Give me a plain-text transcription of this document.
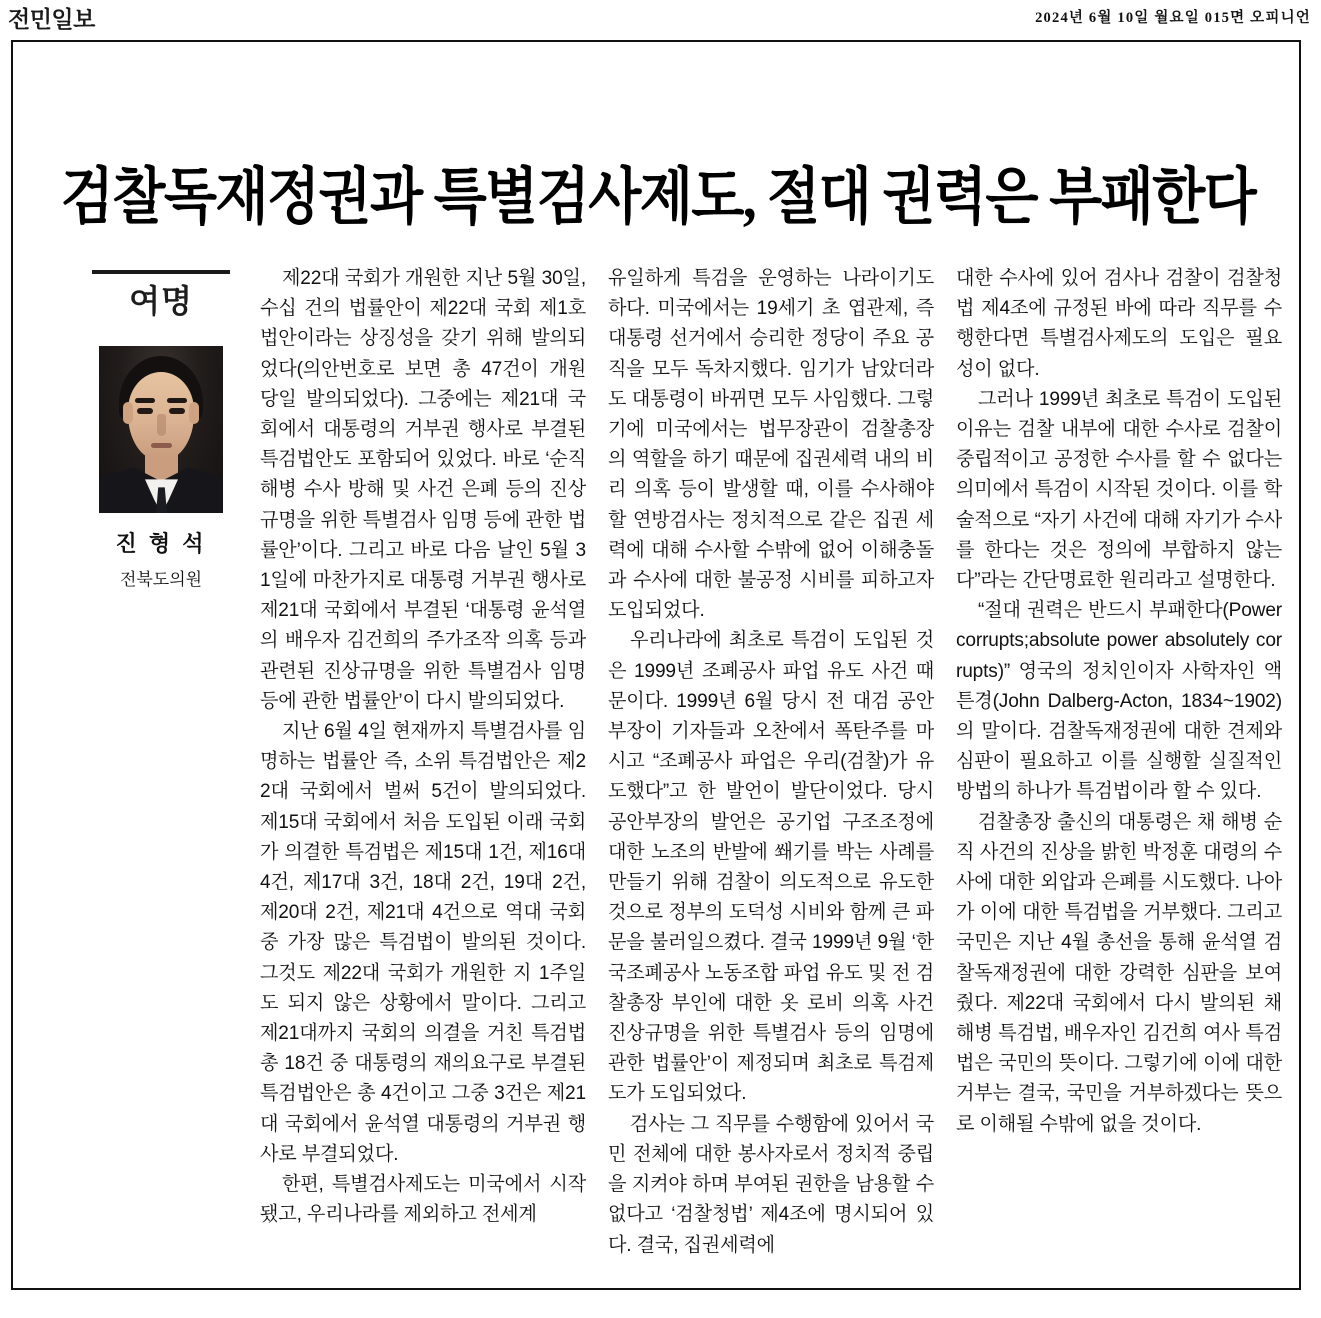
전민일보	2024년 6월 10일 월요일 015면 오피니언
검찰독재정권과 특별검사제도, 절대 권력은 부패한다
여명
진 형 석
전북도의원

제22대 국회가 개원한 지난 5월 30일, 수십 건의 법률안이 제22대 국회 제1호 법안이라는 상징성을 갖기 위해 발의되었다(의안번호로 보면 총 47건이 개원 당일 발의되었다). 그중에는 제21대 국회에서 대통령의 거부권 행사로 부결된 특검법안도 포함되어 있었다. 바로 ‘순직 해병 수사 방해 및 사건 은폐 등의 진상규명을 위한 특별검사 임명 등에 관한 법률안’이다. 그리고 바로 다음 날인 5월 31일에 마찬가지로 대통령 거부권 행사로 제21대 국회에서 부결된 ‘대통령 윤석열의 배우자 김건희의 주가조작 의혹 등과 관련된 진상규명을 위한 특별검사 임명 등에 관한 법률안’이 다시 발의되었다.

지난 6월 4일 현재까지 특별검사를 임명하는 법률안 즉, 소위 특검법안은 제22대 국회에서 벌써 5건이 발의되었다. 제15대 국회에서 처음 도입된 이래 국회가 의결한 특검법은 제15대 1건, 제16대 4건, 제17대 3건, 18대 2건, 19대 2건, 제20대 2건, 제21대 4건으로 역대 국회 중 가장 많은 특검법이 발의된 것이다. 그것도 제22대 국회가 개원한 지 1주일도 되지 않은 상황에서 말이다. 그리고 제21대까지 국회의 의결을 거친 특검법 총 18건 중 대통령의 재의요구로 부결된 특검법안은 총 4건이고 그중 3건은 제21대 국회에서 윤석열 대통령의 거부권 행사로 부결되었다.

한편, 특별검사제도는 미국에서 시작됐고, 우리나라를 제외하고 전세계

유일하게 특검을 운영하는 나라이기도 하다. 미국에서는 19세기 초 엽관제, 즉 대통령 선거에서 승리한 정당이 주요 공직을 모두 독차지했다. 임기가 남았더라도 대통령이 바뀌면 모두 사임했다. 그렇기에 미국에서는 법무장관이 검찰총장의 역할을 하기 때문에 집권세력 내의 비리 의혹 등이 발생할 때, 이를 수사해야 할 연방검사는 정치적으로 같은 집권 세력에 대해 수사할 수밖에 없어 이해충돌과 수사에 대한 불공정 시비를 피하고자 도입되었다.

우리나라에 최초로 특검이 도입된 것은 1999년 조폐공사 파업 유도 사건 때문이다. 1999년 6월 당시 전 대검 공안부장이 기자들과 오찬에서 폭탄주를 마시고 “조폐공사 파업은 우리(검찰)가 유도했다”고 한 발언이 발단이었다. 당시 공안부장의 발언은 공기업 구조조정에 대한 노조의 반발에 쐐기를 박는 사례를 만들기 위해 검찰이 의도적으로 유도한 것으로 정부의 도덕성 시비와 함께 큰 파문을 불러일으켰다. 결국 1999년 9월 ‘한국조폐공사 노동조합 파업 유도 및 전 검찰총장 부인에 대한 옷 로비 의혹 사건 진상규명을 위한 특별검사 등의 임명에 관한 법률안’이 제정되며 최초로 특검제도가 도입되었다.

검사는 그 직무를 수행함에 있어서 국민 전체에 대한 봉사자로서 정치적 중립을 지켜야 하며 부여된 권한을 남용할 수 없다고 ‘검찰청법’ 제4조에 명시되어 있다. 결국, 집권세력에

대한 수사에 있어 검사나 검찰이 검찰청법 제4조에 규정된 바에 따라 직무를 수행한다면 특별검사제도의 도입은 필요성이 없다.

그러나 1999년 최초로 특검이 도입된 이유는 검찰 내부에 대한 수사로 검찰이 중립적이고 공정한 수사를 할 수 없다는 의미에서 특검이 시작된 것이다. 이를 학술적으로 “자기 사건에 대해 자기가 수사를 한다는 것은 정의에 부합하지 않는다”라는 간단명료한 원리라고 설명한다.

“절대 권력은 반드시 부패한다(Power corrupts;absolute power absolutely corrupts)” 영국의 정치인이자 사학자인 액튼경(John Dalberg-Acton, 1834~1902)의 말이다. 검찰독재정권에 대한 견제와 심판이 필요하고 이를 실행할 실질적인 방법의 하나가 특검법이라 할 수 있다.

검찰총장 출신의 대통령은 채 해병 순직 사건의 진상을 밝힌 박정훈 대령의 수사에 대한 외압과 은폐를 시도했다. 나아가 이에 대한 특검법을 거부했다. 그리고 국민은 지난 4월 총선을 통해 윤석열 검찰독재정권에 대한 강력한 심판을 보여줬다. 제22대 국회에서 다시 발의된 채 해병 특검법, 배우자인 김건희 여사 특검법은 국민의 뜻이다. 그렇기에 이에 대한 거부는 결국, 국민을 거부하겠다는 뜻으로 이해될 수밖에 없을 것이다.
